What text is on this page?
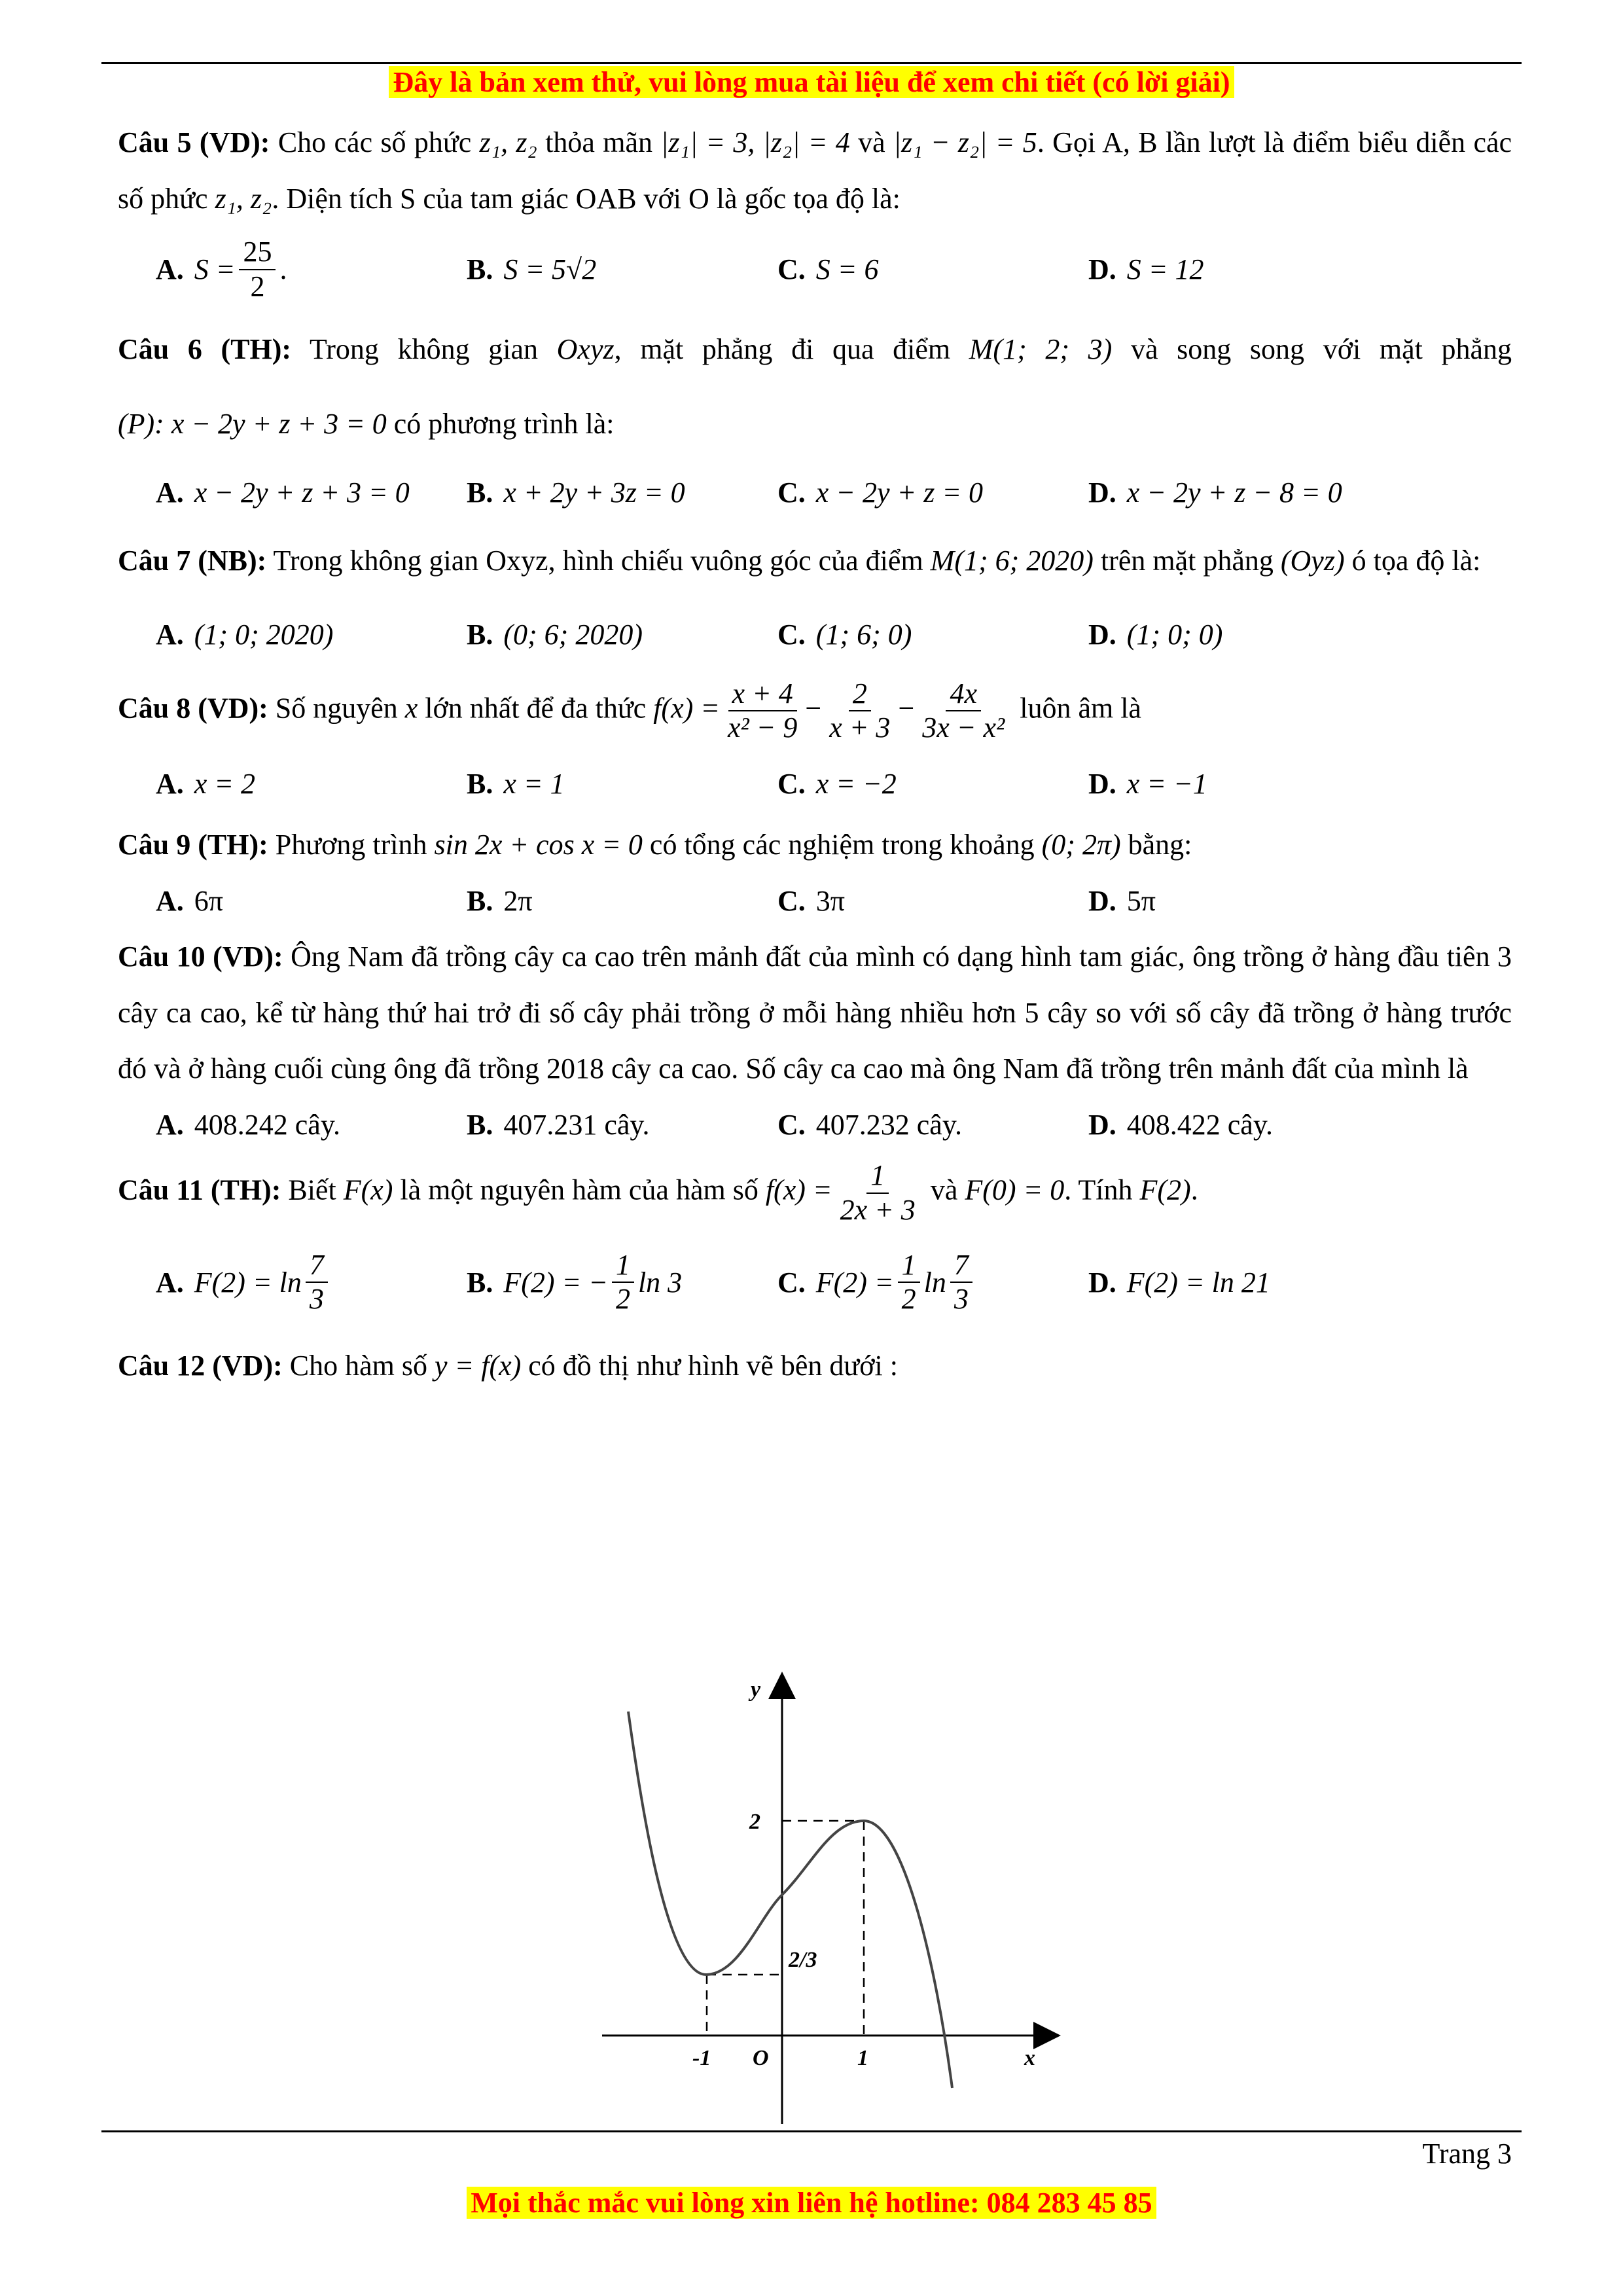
Đây là bản xem thử, vui lòng mua tài liệu để xem chi tiết (có lời giải)
Câu 5 (VD): Cho các số phức z₁, z₂ thỏa mãn |z₁| = 3, |z₂| = 4 và |z₁ − z₂| = 5. Gọi A, B lần lượt là điểm biểu diễn các số phức z₁, z₂. Diện tích S của tam giác OAB với O là gốc tọa độ là:
A. $S = \frac{25}{2}$ .	B. S = 5√2	C. S = 6	D. S = 12
Câu 6 (TH): Trong không gian Oxyz, mặt phẳng đi qua điểm M(1; 2; 3) và song song với mặt phẳng (P): x − 2y + z + 3 = 0 có phương trình là:
A. x − 2y + z + 3 = 0 B. x + 2y + 3z = 0	C. x − 2y + z = 0	D. x − 2y + z − 8 = 0
Câu 7 (NB): Trong không gian Oxyz, hình chiếu vuông góc của điểm M(1; 6; 2020) trên mặt phẳng (Oyz) ó tọa độ là:
A. (1; 0; 2020)	B. (0; 6; 2020)	C. (1; 6; 0)	D. (1; 0; 0)
Câu 8 (VD): Số nguyên x lớn nhất để đa thức $f(x) = \frac{x + 4}{\text{x² − 9}} - \frac{2}{x + 3} - \frac{4x}{\text{3x − x²}}$ luôn âm là
A. x = 2	B. x = 1	C. x = −2	D. x = −1
Câu 9 (TH): Phương trình sin 2x + cos x = 0 có tổng các nghiệm trong khoảng (0; 2π) bằng:
A. 6π	B. 2π	C. 3π	D. 5π
Câu 10 (VD): Ông Nam đã trồng cây ca cao trên mảnh đất của mình có dạng hình tam giác, ông trồng ở hàng đầu tiên 3 cây ca cao, kể từ hàng thứ hai trở đi số cây phải trồng ở mỗi hàng nhiều hơn 5 cây so với số cây đã trồng ở hàng trước đó và ở hàng cuối cùng ông đã trồng 2018 cây ca cao. Số cây ca cao mà ông Nam đã trồng trên mảnh đất của mình là
A. 408.242 cây.	B. 407.231 cây.	C. 407.232 cây.	D. 408.422 cây.
Câu 11 (TH): Biết F(x) là một nguyên hàm của hàm số $f(x) = \frac{1}{2x + 3}$ và F(0) = 0. Tính F(2).
A. $F(2) = \ln \frac{7}{3}$	B. F(2) = − $\frac{1}{2}$ ln 3	C. $F(2) = \frac{1}{2}$ $\ln \frac{7}{3}$	D. F(2) = ln 21
Câu 12 (VD): Cho hàm số y = f(x) có đồ thị như hình vẽ bên dưới :
y
x
O
-1	1
2
2/3
Trang 3
Mọi thắc mắc vui lòng xin liên hệ hotline: 084 283 45 85
